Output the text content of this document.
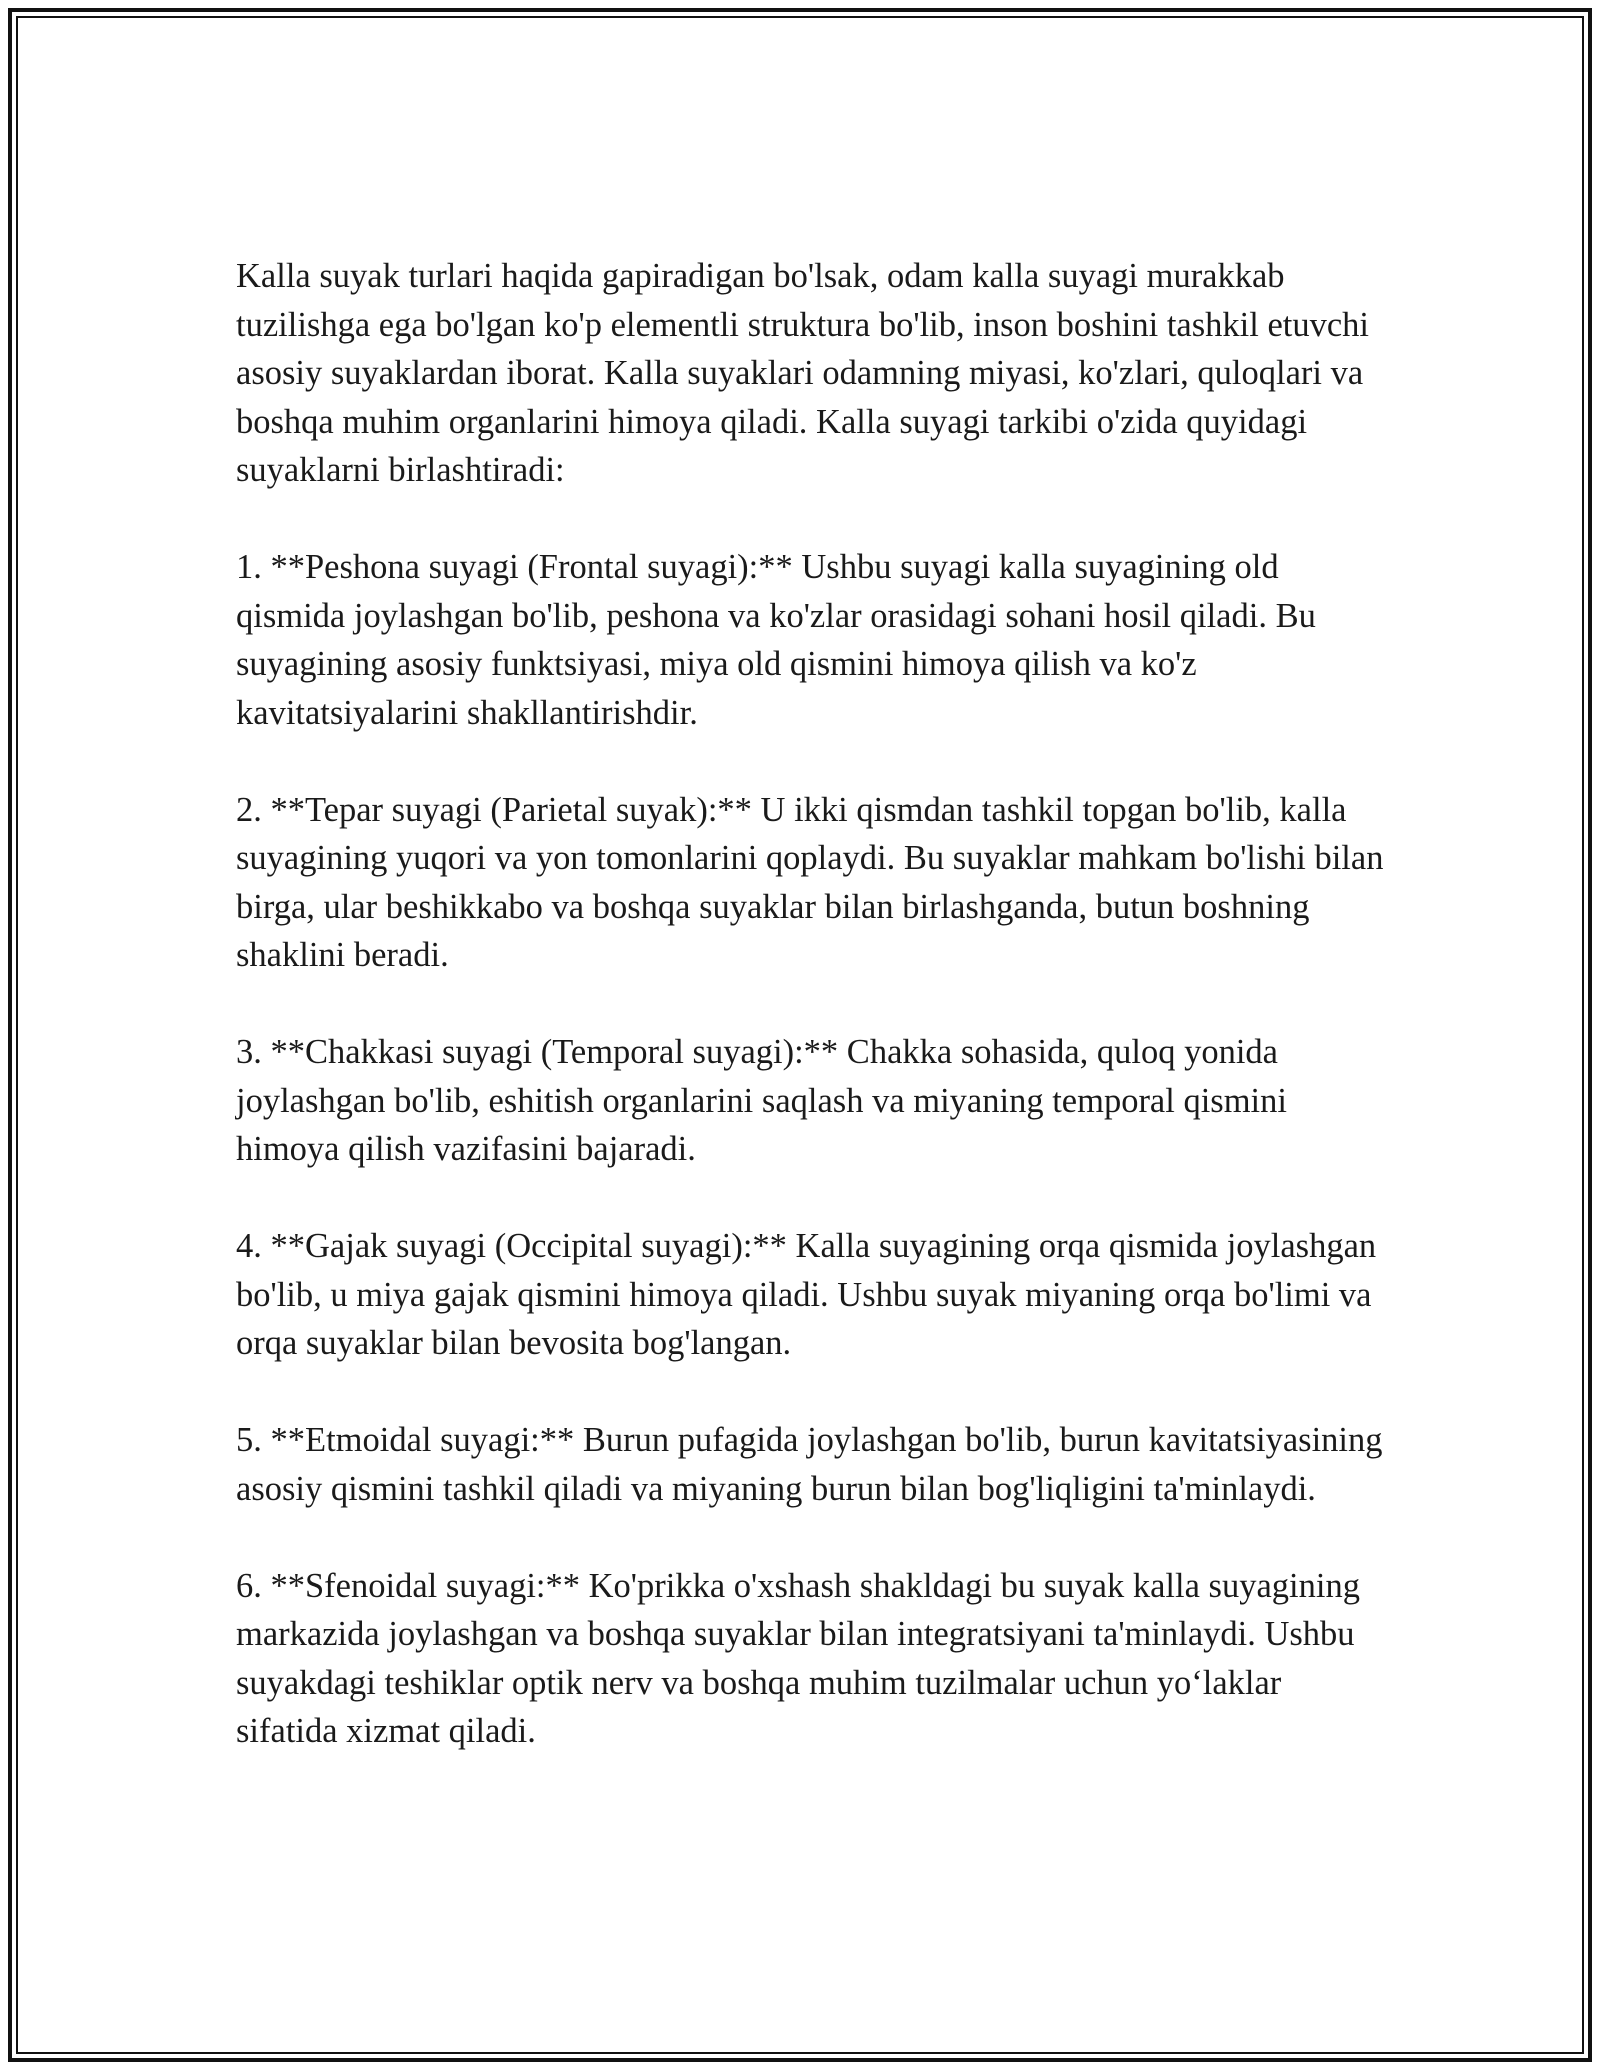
Kalla suyak turlari haqida gapiradigan bo'lsak, odam kalla suyagi murakkab tuzilishga ega bo'lgan ko'p elementli struktura bo'lib, inson boshini tashkil etuvchi asosiy suyaklardan iborat. Kalla suyaklari odamning miyasi, ko'zlari, quloqlari va boshqa muhim organlarini himoya qiladi. Kalla suyagi tarkibi o'zida quyidagi suyaklarni birlashtiradi:

1. **Peshona suyagi (Frontal suyagi):** Ushbu suyagi kalla suyagining old qismida joylashgan bo'lib, peshona va ko'zlar orasidagi sohani hosil qiladi. Bu suyagining asosiy funktsiyasi, miya old qismini himoya qilish va ko'z kavitatsiyalarini shakllantirishdir.

2. **Tepar suyagi (Parietal suyak):** U ikki qismdan tashkil topgan bo'lib, kalla suyagining yuqori va yon tomonlarini qoplaydi. Bu suyaklar mahkam bo'lishi bilan birga, ular beshikkabo va boshqa suyaklar bilan birlashganda, butun boshning shaklini beradi.

3. **Chakkasi suyagi (Temporal suyagi):** Chakka sohasida, quloq yonida joylashgan bo'lib, eshitish organlarini saqlash va miyaning temporal qismini himoya qilish vazifasini bajaradi.

4. **Gajak suyagi (Occipital suyagi):** Kalla suyagining orqa qismida joylashgan bo'lib, u miya gajak qismini himoya qiladi. Ushbu suyak miyaning orqa bo'limi va orqa suyaklar bilan bevosita bog'langan.

5. **Etmoidal suyagi:** Burun pufagida joylashgan bo'lib, burun kavitatsiyasining asosiy qismini tashkil qiladi va miyaning burun bilan bog'liqligini ta'minlaydi.

6. **Sfenoidal suyagi:** Ko'prikka o'xshash shakldagi bu suyak kalla suyagining markazida joylashgan va boshqa suyaklar bilan integratsiyani ta'minlaydi. Ushbu suyakdagi teshiklar optik nerv va boshqa muhim tuzilmalar uchun yo‘laklar sifatida xizmat qiladi.
